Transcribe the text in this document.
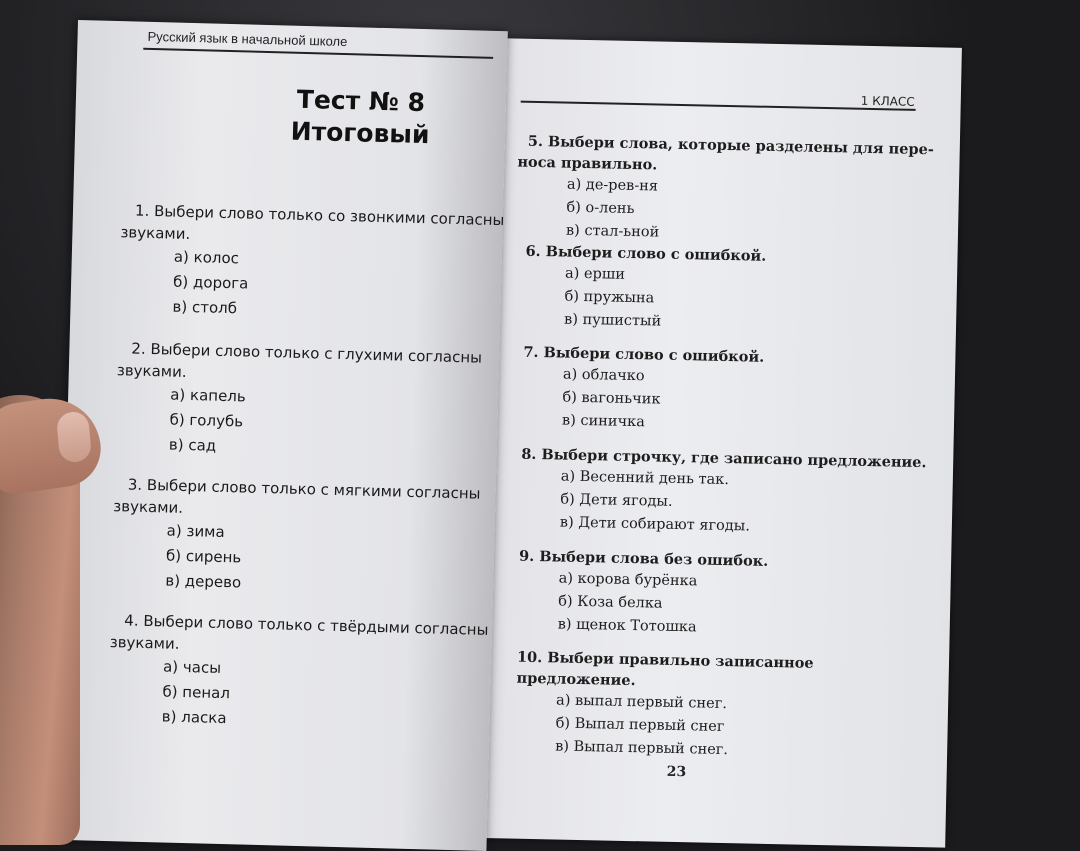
1 КЛАСС
5. Выбери слова, которые разделены для пере-
носа правильно.
а) де-рев-ня
б) о-лень
в) стал-ьной
6. Выбери слово с ошибкой.
а) ерши
б) пружына
в) пушистый
7. Выбери слово с ошибкой.
а) облачко
б) вагоньчик
в) синичка
8. Выбери строчку, где записано предложение.
а) Весенний день так.
б) Дети ягоды.
в) Дети собирают ягоды.
9. Выбери слова без ошибок.
а) корова бурёнка
б) Коза белка
в) щенок Тотошка
10. Выбери правильно записанное предложение.
а) выпал первый снег.
б) Выпал первый снег
в) Выпал первый снег.
23
Русский язык в начальной школе
Тест № 8
Итоговый
1. Выбери слово только со звонкими согласны
звуками.
а) колос
б) дорога
в) столб
2. Выбери слово только с глухими согласны
звуками.
а) капель
б) голубь
в) сад
3. Выбери слово только с мягкими согласны
звуками.
а) зима
б) сирень
в) дерево
4. Выбери слово только с твёрдыми согласны
звуками.
а) часы
б) пенал
в) ласка
